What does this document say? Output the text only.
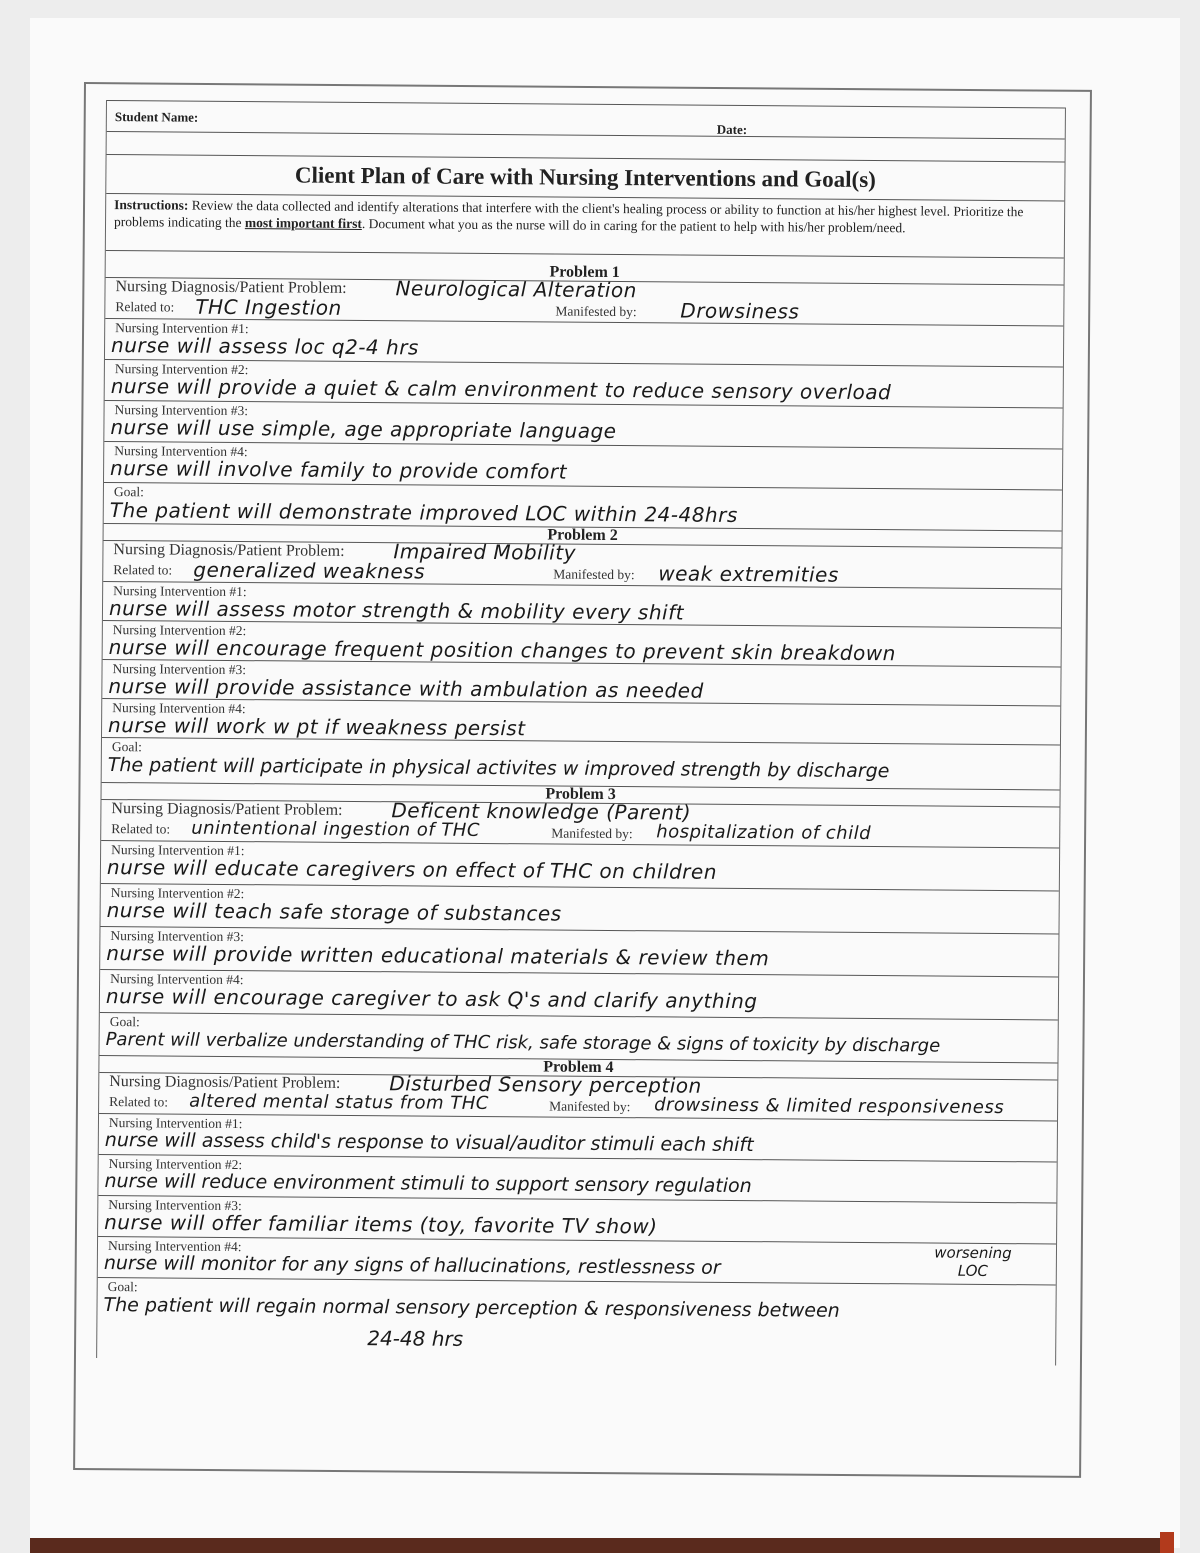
Student Name:
Date:
Client Plan of Care with Nursing Interventions and Goal(s)
Instructions: Review the data collected and identify alterations that interfere with the client's healing process or ability to function at his/her highest level. Prioritize the problems indicating the most important first. Document what you as the nurse will do in caring for the patient to help with his/her problem/need.
Problem 1
Nursing Diagnosis/Patient Problem: Neurological Alteration
Related to: THC Ingestion	Manifested by: Drowsiness
Nursing Intervention #1:
nurse will assess loc q2-4 hrs
Nursing Intervention #2:
nurse will provide a quiet & calm environment to reduce sensory overload
Nursing Intervention #3:
nurse will use simple, age appropriate language
Nursing Intervention #4:
nurse will involve family to provide comfort
Goal:
The patient will demonstrate improved LOC within 24-48hrs
Problem 2
Nursing Diagnosis/Patient Problem: Impaired Mobility
Related to: generalized weakness	Manifested by: weak extremities
Nursing Intervention #1:
nurse will assess motor strength & mobility every shift
Nursing Intervention #2:
nurse will encourage frequent position changes to prevent skin breakdown
Nursing Intervention #3:
nurse will provide assistance with ambulation as needed
Nursing Intervention #4:
nurse will work w pt if weakness persist
Goal:
The patient will participate in physical activites w improved strength by discharge
Problem 3
Nursing Diagnosis/Patient Problem: Deficent knowledge (Parent)
Related to: unintentional ingestion of THC	Manifested by: hospitalization of child
Nursing Intervention #1:
nurse will educate caregivers on effect of THC on children
Nursing Intervention #2:
nurse will teach safe storage of substances
Nursing Intervention #3:
nurse will provide written educational materials & review them
Nursing Intervention #4:
nurse will encourage caregiver to ask Q's and clarify anything
Goal:
Parent will verbalize understanding of THC risk, safe storage & signs of toxicity by discharge
Problem 4
Nursing Diagnosis/Patient Problem: Disturbed Sensory perception
Related to: altered mental status from THC	Manifested by: drowsiness & limited responsiveness
Nursing Intervention #1:
nurse will assess child's response to visual/auditor stimuli each shift
Nursing Intervention #2:
nurse will reduce environment stimuli to support sensory regulation
Nursing Intervention #3:
nurse will offer familiar items (toy, favorite TV show)
Nursing Intervention #4:
nurse will monitor for any signs of hallucinations, restlessness or	worsening LOC
Goal:
The patient will regain normal sensory perception & responsiveness between
24-48 hrs
